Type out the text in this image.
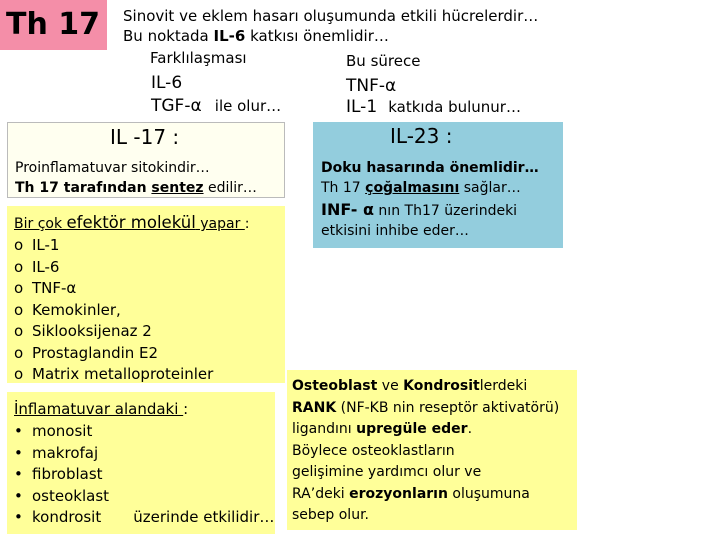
Th 17	Sinovit ve eklem hasarı oluşumunda etkili hücrelerdir…
Bu noktada IL-6 katkısı önemlidir…
Farklılaşması
IL-6
TGF-α ile olur…
Bu sürece
TNF-α
IL-1 katkıda bulunur…
IL -17 :
Proinflamatuvar sitokindir…
Th 17 tarafından sentez edilir…
Bir çok efektör molekül yapar :
o IL-1
o IL-6
o TNF-α
o Kemokinler,
o Siklooksijenaz 2
o Prostaglandin E2
o Matrix metalloproteinler
İnflamatuvar alandaki :
• monosit
• makrofaj
• fibroblast
• osteoklast
• kondrosit üzerinde etkilidir…
IL-23 :
Doku hasarında önemlidir…
Th 17 çoğalmasını sağlar…
INF- α nın Th17 üzerindeki
etkisini inhibe eder…
Osteoblast ve Kondrositlerdeki
RANK (NF-KB nin reseptör aktivatörü)
ligandını upregüle eder.
Böylece osteoklastların
gelişimine yardımcı olur ve
RA’deki erozyonların oluşumuna
sebep olur.
